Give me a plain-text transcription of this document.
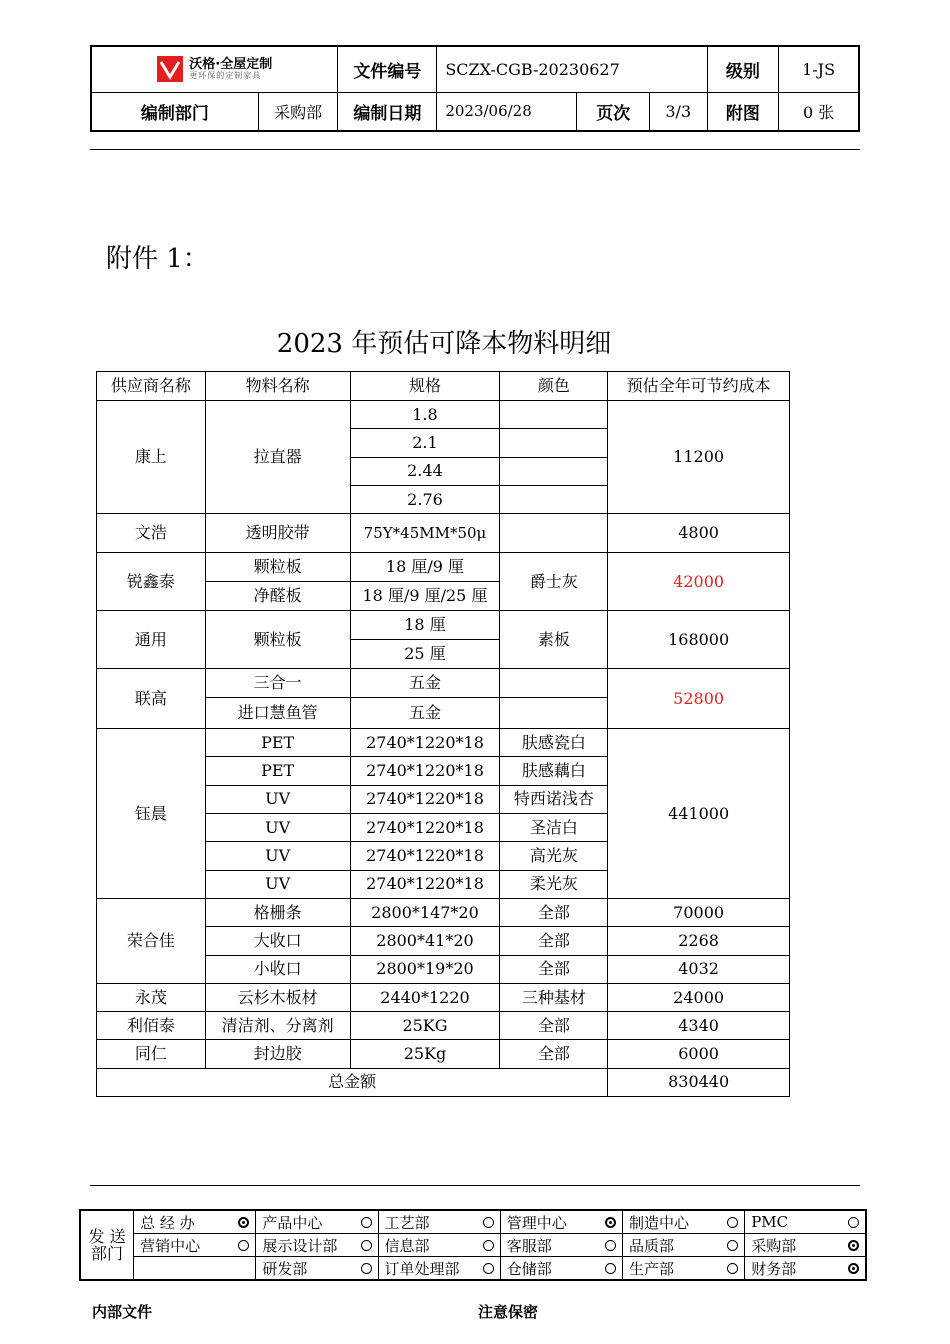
沃格·全屋定制
更环保的定制家具		文件编号	SCZX-CGB-20230627			级别	1-JS
编制部门	采购部	编制日期	2023/06/28	页次	3/3	附图	0 张
附件 1：
2023 年预估可降本物料明细
供应商名称	物料名称	规格	颜色	预估全年可节约成本
康上	拉直器	1.8		11200
		2.1		
		2.44		
		2.76		
文浩	透明胶带	75Y*45MM*50μ		4800
锐鑫泰	颗粒板	18 厘/9 厘	爵士灰	42000
	净醛板	18 厘/9 厘/25 厘		
通用	颗粒板	18 厘	素板	168000
		25 厘		
联高	三合一	五金		52800
	进口慧鱼管	五金		
钰晨	PET	2740*1220*18	肤感瓷白	441000
	PET	2740*1220*18	肤感藕白	
	UV	2740*1220*18	特西诺浅杏	
	UV	2740*1220*18	圣洁白	
	UV	2740*1220*18	高光灰	
	UV	2740*1220*18	柔光灰	
荣合佳	格栅条	2800*147*20	全部	70000
	大收口	2800*41*20	全部	2268
	小收口	2800*19*20	全部	4032
永茂	云杉木板材	2440*1220	三种基材	24000
利佰泰	清洁剂、分离剂	25KG	全部	4340
同仁	封边胶	25Kg	全部	6000
总金额				830440
发 送 部门	总 经 办	产品中心	工艺部	管理中心	制造中心	PMC

	营销中心	展示设计部	信息部	客服部	品质部	采购部

		研发部	订单处理部	仓储部	生产部	财务部
内部文件	注意保密
